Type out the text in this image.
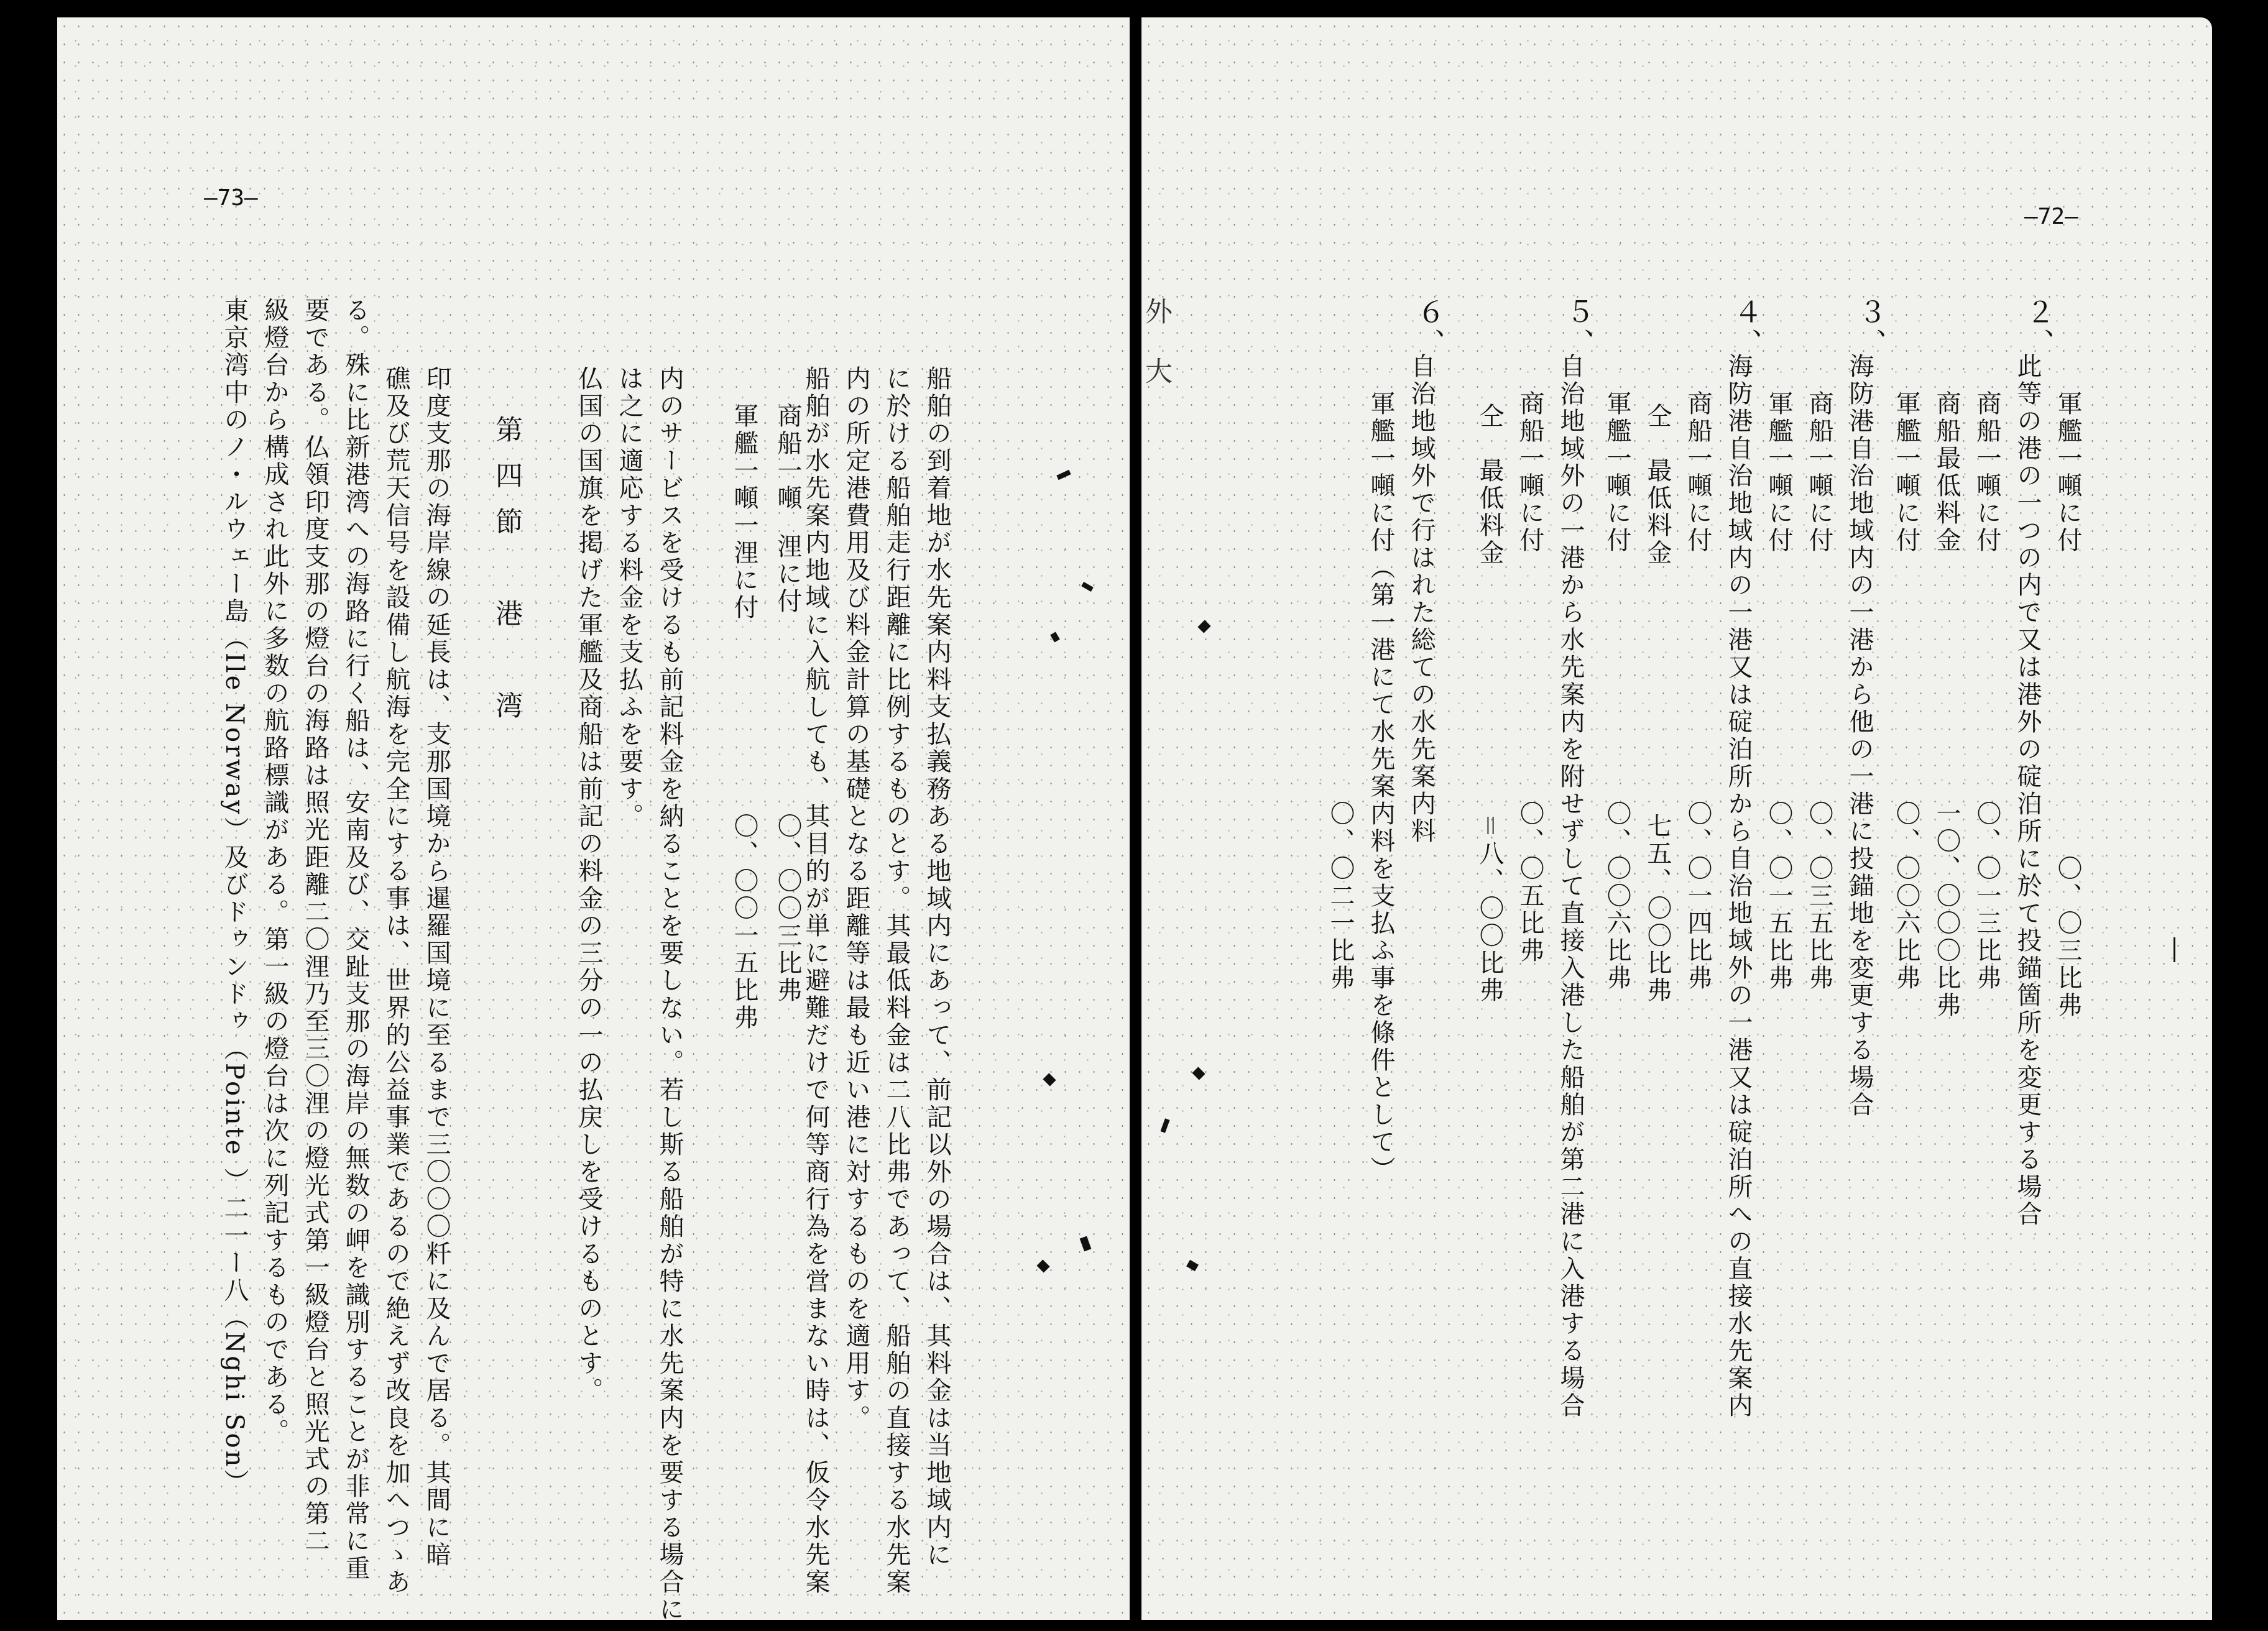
—73—
船舶の到着地が水先案内料支払義務ある地域内にあって、前記以外の場合は、其料金は当地域内に
に於ける船舶走行距離に比例するものとす。其最低料金は二八比弗であって、船舶の直接する水先案
内の所定港費用及び料金計算の基礎となる距離等は最も近い港に対するものを適用す。
商船一噸
浬に付
〇、〇〇三比弗
軍艦一噸一浬に付
〇、〇〇一五比弗 船舶が水先案内地域に入航しても、其目的が単に避難だけで何等商行為を営まない時は、仮令水先案
内のサービスを受けるも前記料金を納ることを要しない。若し斯る船舶が特に水先案内を要する場合に
は之に適応する料金を支払ふを要す。
仏国の国旗を掲げた軍艦及商船は前記の料金の三分の一の払戻しを受けるものとす。
第四節　港　湾
印度支那の海岸線の延長は、支那国境から暹羅国境に至るまで三〇〇〇粁に及んで居る。其間に暗
礁及び荒天信号を設備し航海を完全にする事は、世界的公益事業であるので絶えず改良を加へつゝあ
る。殊に比新港湾への海路に行く船は、安南及び、交趾支那の海岸の無数の岬を識別することが非常に重
要である。仏領印度支那の燈台の海路は照光距離二〇浬乃至三〇浬の燈光式第一級燈台と照光式の第二
級燈台から構成され此外に多数の航路標識がある。第一級の燈台は次に列記するものである。
東京湾中のノ・ルウェー島（Ile Norway）及びドゥンドゥ（Pointe ）二一ー八（Nghi Son）
—72—
２、
軍艦一噸に付　　　　　　　　　　　〇、〇三比弗
此等の港の一つの内で又は港外の碇泊所に於て投錨箇所を変更する場合
商船一噸に付　　　　　　　　　〇、〇一三比弗
商船最低料金　　　　　　　　　一〇、〇〇〇比弗
軍艦一噸に付　　　　　　　　　〇、〇〇六比弗
３、
海防港自治地域内の一港から他の一港に投錨地を変更する場合
商船一噸に付　　　　　　　　　〇、〇三五比弗
軍艦一噸に付　　　　　　　　　〇、〇一五比弗
４、
海防港自治地域内の一港又は碇泊所から自治地域外の一港又は碇泊所への直接水先案内
商船一噸に付　　　　　　　　　〇、〇一四比弗
仝　最低料金　　　　　　　　　七五、〇〇比弗
軍艦一噸に付　　　　　　　　　〇、〇〇六比弗
５、
自治地域外の一港から水先案内を附せずして直接入港した船舶が第二港に入港する場合
商船一噸に付　　　　　　　　　〇、〇五比弗
仝　最低料金　　　　　　　　　＝八、〇〇比弗
６、
自治地域外で行はれた総ての水先案内料
軍艦一噸に付（第一港にて水先案内料を支払ふ事を條件として）
　　　　　　　　　　　　　　　〇、〇二一比弗
外　大
